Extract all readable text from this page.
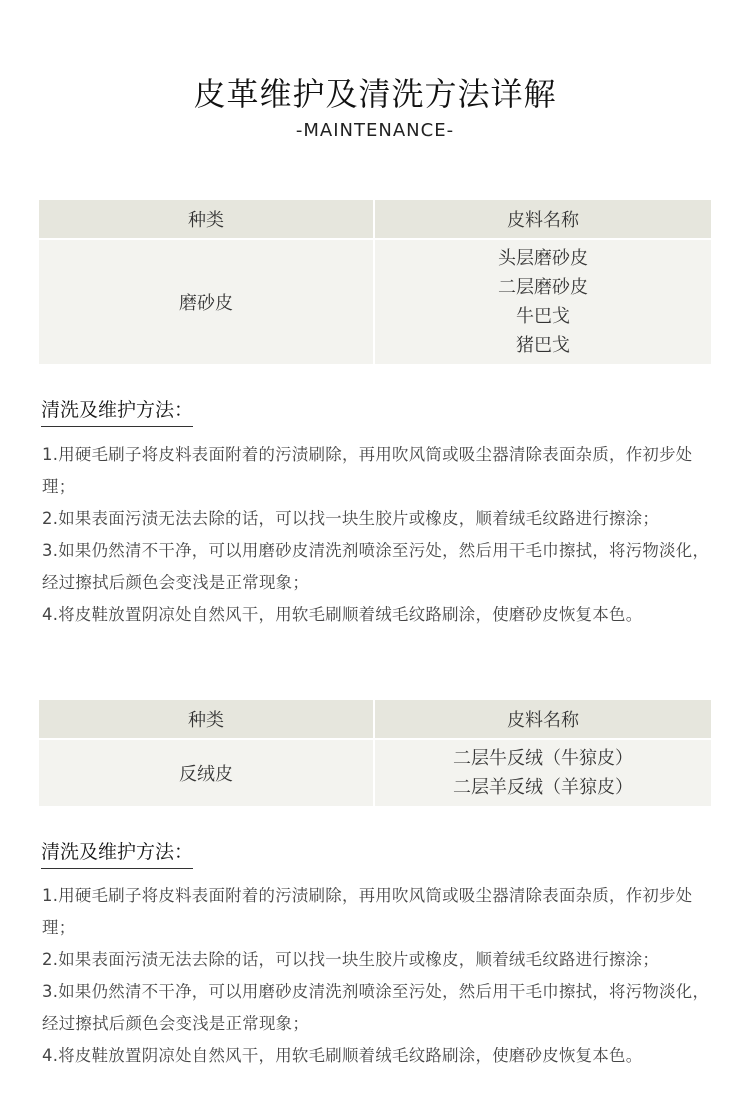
皮革维护及清洗方法详解
-MAINTENANCE-
种类	皮料名称
磨砂皮
头层磨砂皮
二层磨砂皮
牛巴戈
猪巴戈
清洗及维护方法：

1.用硬毛刷子将皮料表面附着的污渍刷除，再用吹风筒或吸尘器清除表面杂质，作初步处理；

2.如果表面污渍无法去除的话，可以找一块生胶片或橡皮，顺着绒毛纹路进行擦涂；

3.如果仍然清不干净，可以用磨砂皮清洗剂喷涂至污处，然后用干毛巾擦拭，将污物淡化，经过擦拭后颜色会变浅是正常现象；

4.将皮鞋放置阴凉处自然风干，用软毛刷顺着绒毛纹路刷涂，使磨砂皮恢复本色。

种类	皮料名称
反绒皮
二层牛反绒（牛猄皮）
二层羊反绒（羊猄皮）
清洗及维护方法：

1.用硬毛刷子将皮料表面附着的污渍刷除，再用吹风筒或吸尘器清除表面杂质，作初步处理；

2.如果表面污渍无法去除的话，可以找一块生胶片或橡皮，顺着绒毛纹路进行擦涂；

3.如果仍然清不干净，可以用磨砂皮清洗剂喷涂至污处，然后用干毛巾擦拭，将污物淡化，经过擦拭后颜色会变浅是正常现象；

4.将皮鞋放置阴凉处自然风干，用软毛刷顺着绒毛纹路刷涂，使磨砂皮恢复本色。
